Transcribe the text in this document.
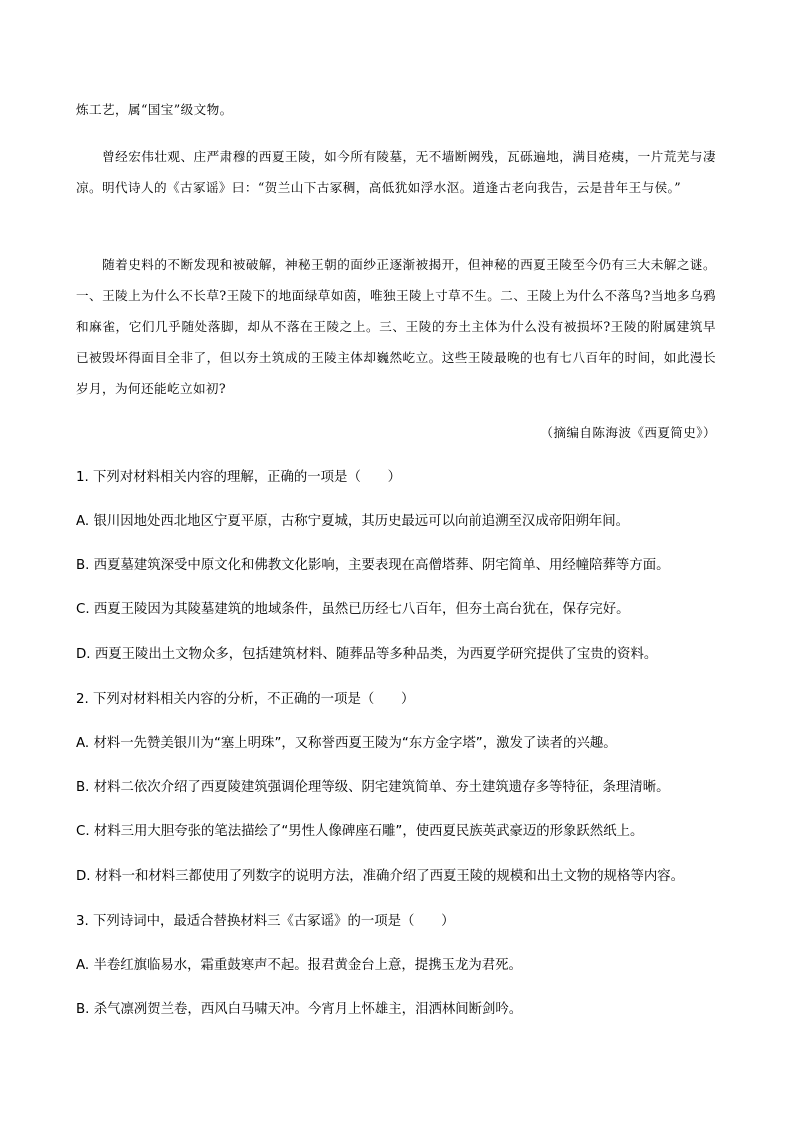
炼工艺，属“国宝”级文物。

　　曾经宏伟壮观、庄严肃穆的西夏王陵，如今所有陵墓，无不墙断阙残，瓦砾遍地，满目疮痍，一片荒芜与凄凉。明代诗人的《古冢谣》曰：“贺兰山下古冢稠，高低犹如浮水沤。道逢古老向我告，云是昔年王与侯。”

　　随着史料的不断发现和被破解，神秘王朝的面纱正逐渐被揭开，但神秘的西夏王陵至今仍有三大未解之谜。一、王陵上为什么不长草?王陵下的地面绿草如茵，唯独王陵上寸草不生。二、王陵上为什么不落鸟?当地多乌鸦和麻雀，它们几乎随处落脚，却从不落在王陵之上。三、王陵的夯土主体为什么没有被损坏?王陵的附属建筑早已被毁坏得面目全非了，但以夯土筑成的王陵主体却巍然屹立。这些王陵最晚的也有七八百年的时间，如此漫长岁月，为何还能屹立如初?

（摘编自陈海波《西夏简史》）

1. 下列对材料相关内容的理解，正确的一项是（　　）

A. 银川因地处西北地区宁夏平原，古称宁夏城，其历史最远可以向前追溯至汉成帝阳朔年间。

B. 西夏墓建筑深受中原文化和佛教文化影响，主要表现在高僧塔葬、阴宅简单、用经幢陪葬等方面。

C. 西夏王陵因为其陵墓建筑的地域条件，虽然已历经七八百年，但夯土高台犹在，保存完好。

D. 西夏王陵出土文物众多，包括建筑材料、随葬品等多种品类，为西夏学研究提供了宝贵的资料。

2. 下列对材料相关内容的分析，不正确的一项是（　　）

A. 材料一先赞美银川为“塞上明珠”，又称誉西夏王陵为“东方金字塔”，激发了读者的兴趣。

B. 材料二依次介绍了西夏陵建筑强调伦理等级、阴宅建筑简单、夯土建筑遗存多等特征，条理清晰。

C. 材料三用大胆夸张的笔法描绘了“男性人像碑座石雕”，使西夏民族英武豪迈的形象跃然纸上。

D. 材料一和材料三都使用了列数字的说明方法，准确介绍了西夏王陵的规模和出土文物的规格等内容。

3. 下列诗词中，最适合替换材料三《古冢谣》的一项是（　　）

A. 半卷红旗临易水，霜重鼓寒声不起。报君黄金台上意，提携玉龙为君死。

B. 杀气凛冽贺兰卷，西风白马啸天冲。今宵月上怀雄主，泪洒林间断剑吟。
